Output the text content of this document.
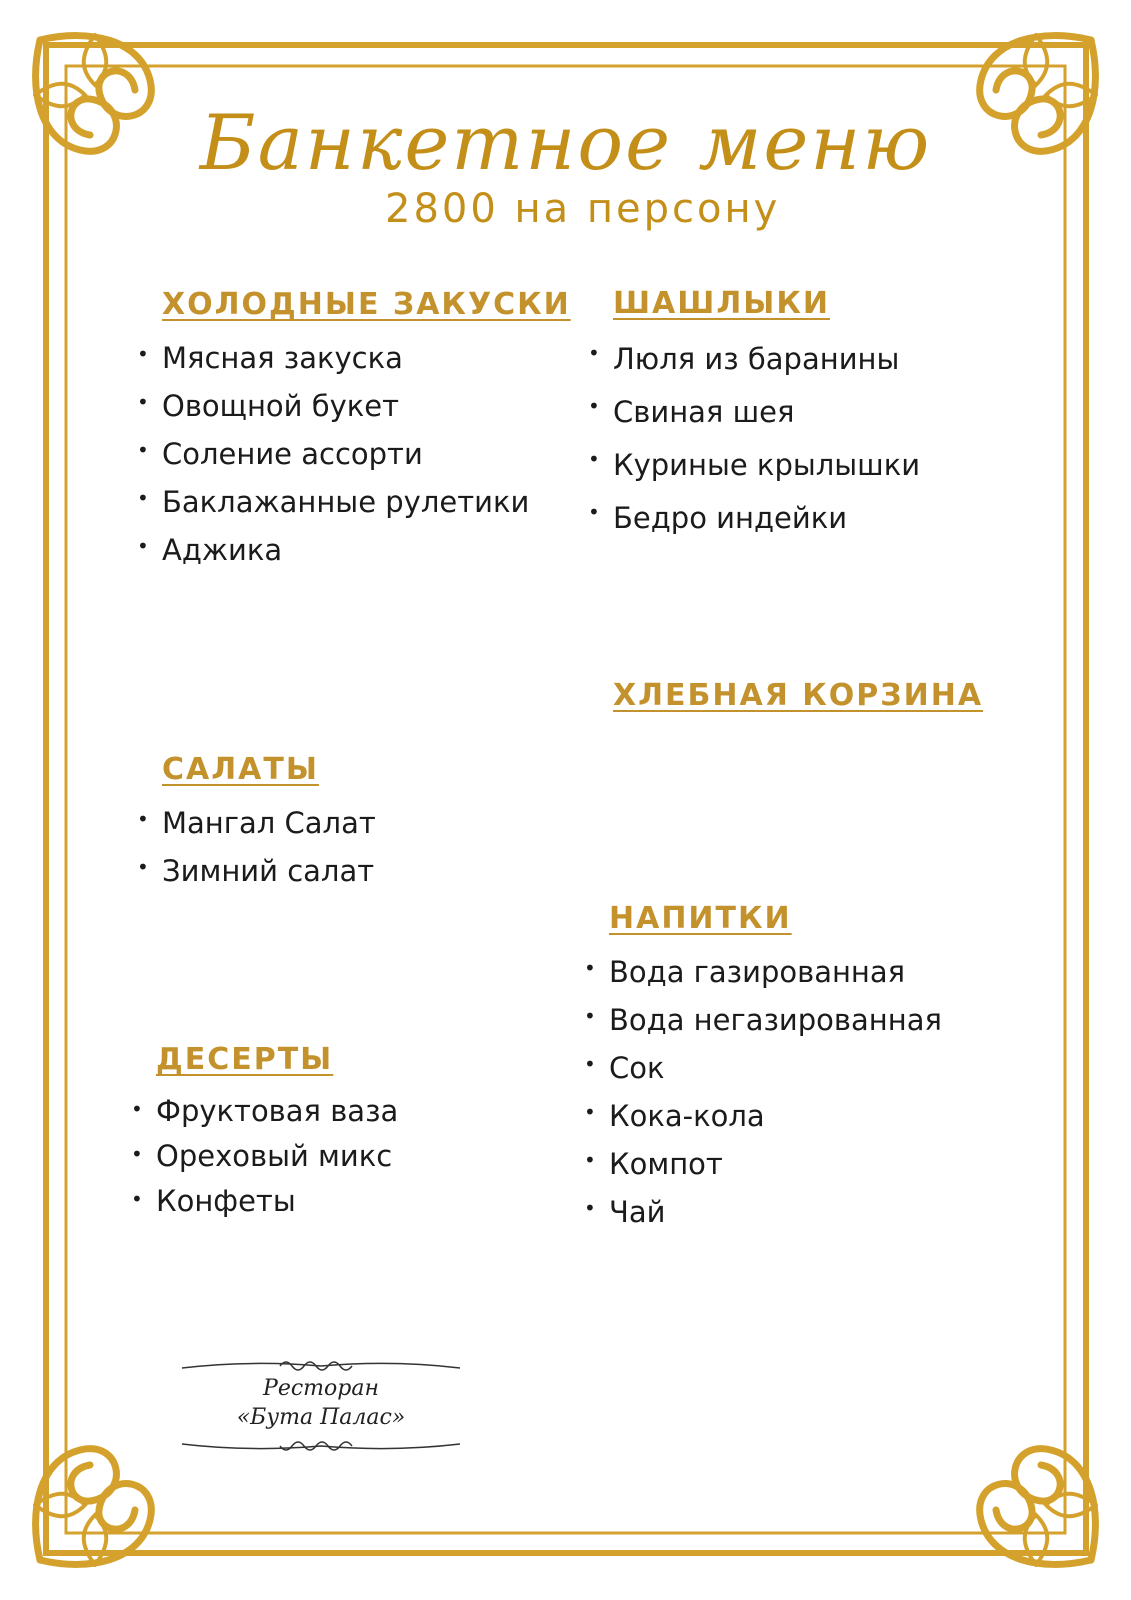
Банкетное меню

2800 на персону

ХОЛОДНЫЕ ЗАКУСКИ
• Мясная закуска
• Овощной букет
• Соление ассорти
• Баклажанные рулетики
• Аджика
ШАШЛЫКИ
• Люля из баранины
• Свиная шея
• Куриные крылышки
• Бедро индейки
ХЛЕБНАЯ КОРЗИНА
САЛАТЫ
• Мангал Салат
• Зимний салат
ДЕСЕРТЫ
• Фруктовая ваза
• Ореховый микс
• Конфеты
НАПИТКИ
• Вода газированная
• Вода негазированная
• Сок
• Кока-кола
• Компот
• Чай
Ресторан
«Бута Палас»
